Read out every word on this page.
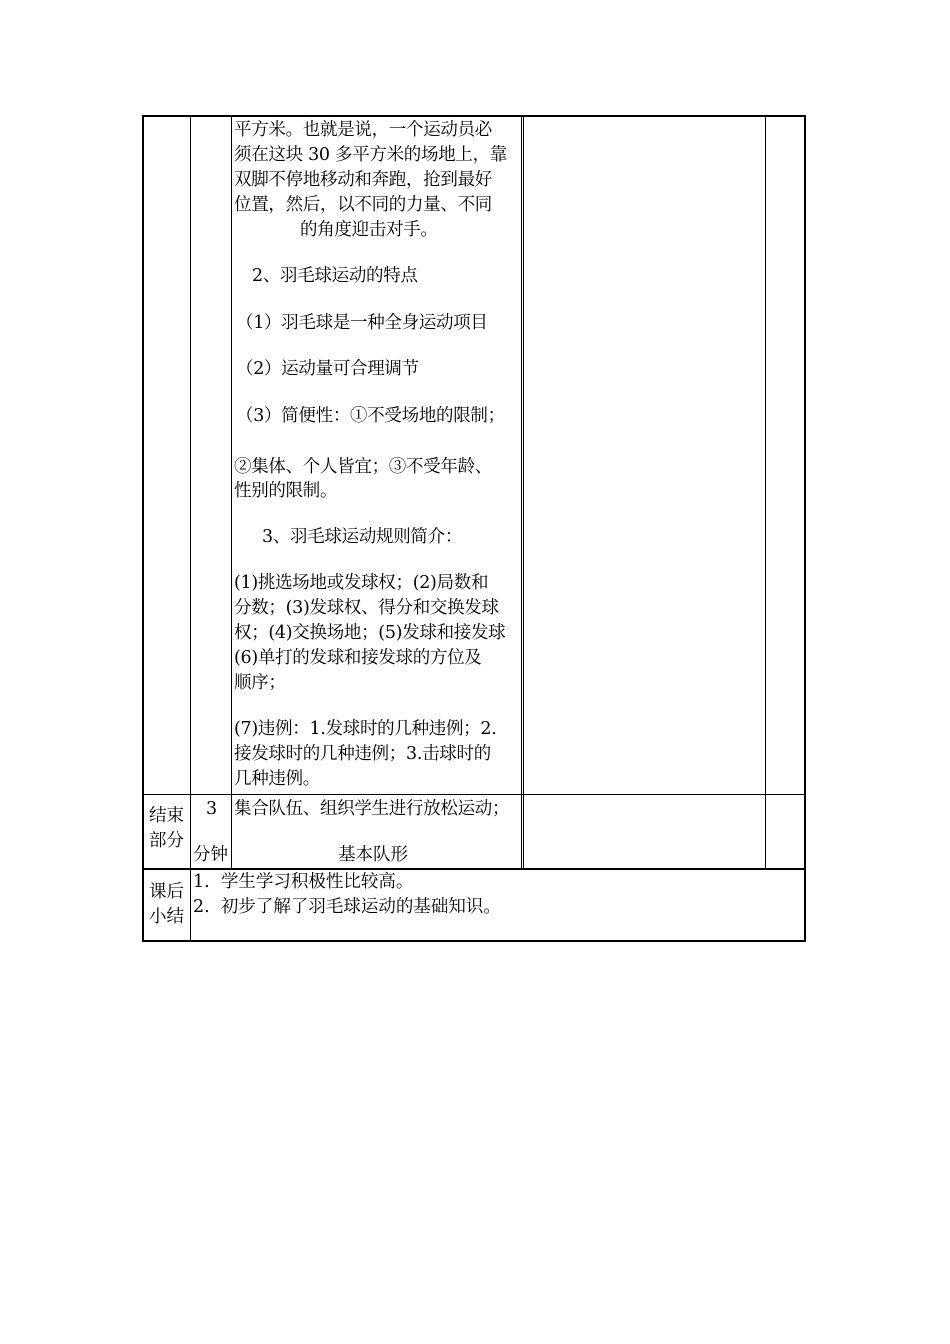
平方米。也就是说，一个运动员必
须在这块 30 多平方米的场地上，靠
双脚不停地移动和奔跑，抢到最好
位置，然后，以不同的力量、不同
的角度迎击对手。
2、羽毛球运动的特点
（1）羽毛球是一种全身运动项目
（2）运动量可合理调节
（3）简便性：①不受场地的限制；
②集体、个人皆宜；③不受年龄、
性别的限制。
3、羽毛球运动规则简介：
(1)挑选场地或发球权；(2)局数和
分数；(3)发球权、得分和交换发球
权；(4)交换场地；(5)发球和接发球
(6)单打的发球和接发球的方位及
顺序；
(7)违例：1.发球时的几种违例；2.
接发球时的几种违例；3.击球时的
几种违例。
结束
部分
3
分钟
集合队伍、组织学生进行放松运动；
基本队形
课后
小结
1.  学生学习积极性比较高。
2.  初步了解了羽毛球运动的基础知识。
